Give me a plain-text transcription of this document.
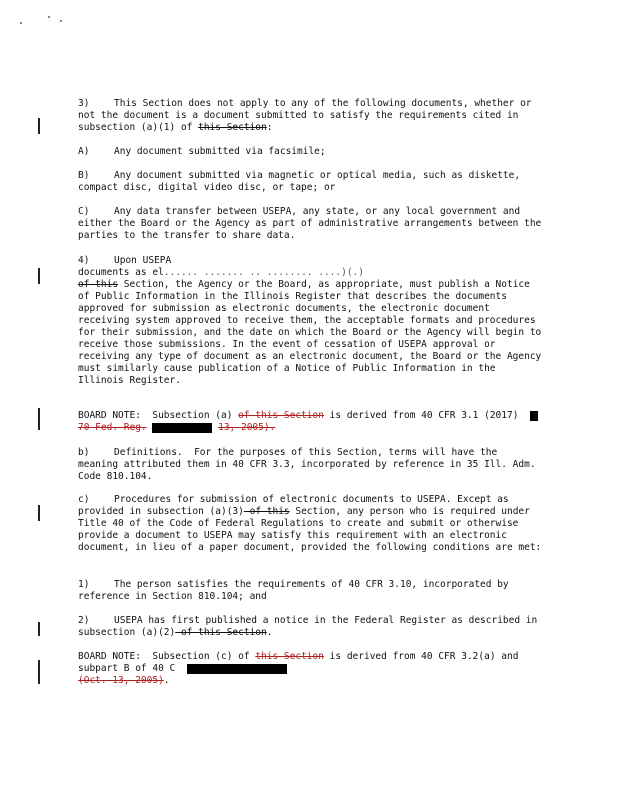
3)	This Section does not apply to any of the following documents, whether or not the document is a document submitted to satisfy the requirements cited in subsection (a)(1) of this Section:

A)	Any document submitted via facsimile;

B)	Any document submitted via magnetic or optical media, such as diskette, compact disc, digital video disc, or tape; or

C)	Any data transfer between USEPA, any state, or any local government and either the Board or the Agency as part of administrative arrangements between the parties to the transfer to share data.

4)	Upon USEPA
documents as el...... ....... .. ........ ....)(.)
of this Section, the Agency or the Board, as appropriate, must publish a Notice of Public Information in the Illinois Register that describes the documents approved for submission as electronic documents, the electronic document receiving system approved to receive them, the acceptable formats and procedures for their submission, and the date on which the Board or the Agency will begin to receive those submissions. In the event of cessation of USEPA approval or receiving any type of document as an electronic document, the Board or the Agency must similarly cause publication of a Notice of Public Information in the Illinois Register.

BOARD NOTE:  Subsection (a) of this Section is derived from 40 CFR 3.1 (2017)  70 Fed. Reg.	13, 2005).

b)	Definitions.  For the purposes of this Section, terms will have the meaning attributed them in 40 CFR 3.3, incorporated by reference in 35 Ill. Adm. Code 810.104.

c)	Procedures for submission of electronic documents to USEPA. Except as provided in subsection (a)(3) of this Section, any person who is required under Title 40 of the Code of Federal Regulations to create and submit or otherwise provide a document to USEPA may satisfy this requirement with an electronic document, in lieu of a paper document, provided the following conditions are met:

1)	The person satisfies the requirements of 40 CFR 3.10, incorporated by reference in Section 810.104; and

2)	USEPA has first published a notice in the Federal Register as described in subsection (a)(2) of this Section.

BOARD NOTE:  Subsection (c) of this Section is derived from 40 CFR 3.2(a) and subpart B of 40 C
(Oct. 13, 2005).
